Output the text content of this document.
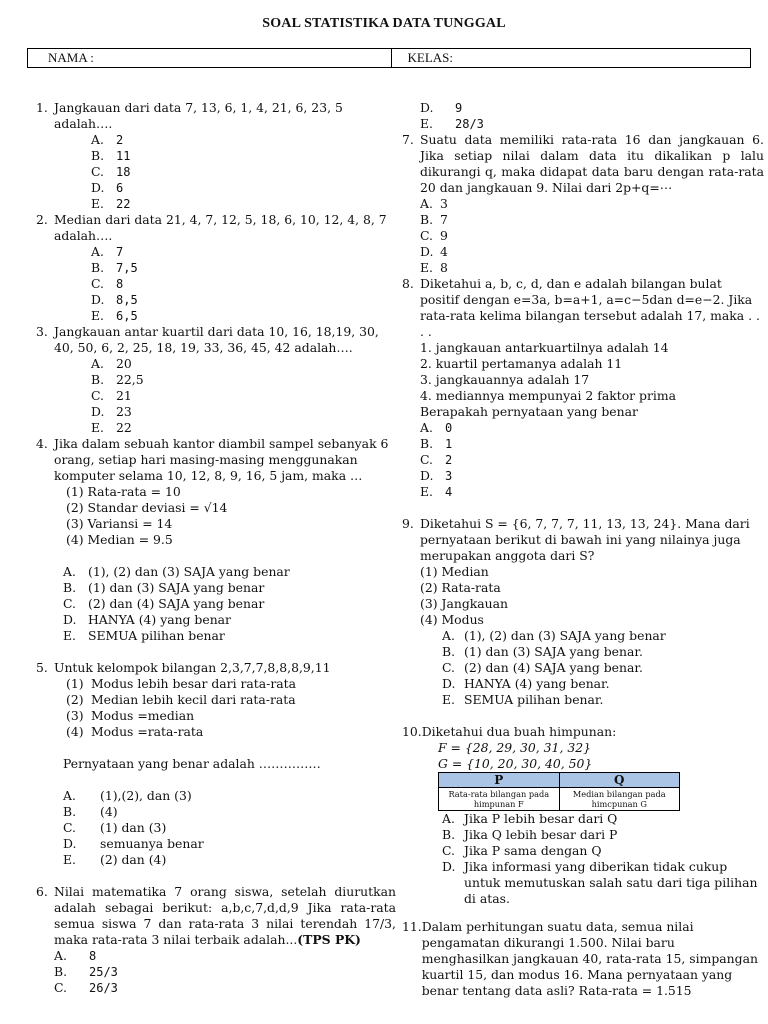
SOAL STATISTIKA DATA TUNGGAL
NAMA :	KELAS:
1. Jangkauan dari data 7, 13, 6, 1, 4, 21, 6, 23, 5 adalah….
A.	2
B. 11
C.	18
D. 6
E.	22
2. Median dari data 21, 4, 7, 12, 5, 18, 6, 10, 12, 4, 8, 7 adalah….
A.	7
B. 7,5
C.	8
D. 8,5
E.	6,5
3. Jangkauan antar kuartil dari data 10, 16, 18,19, 30, 40, 50, 6, 2, 25, 18, 19, 33, 36, 45, 42 adalah….
A. 20
B. 22,5
C. 21
D. 23
E. 22
4. Jika dalam sebuah kantor diambil sampel sebanyak 6 orang, setiap hari masing-masing menggunakan komputer selama 10, 12, 8, 9, 16, 5 jam, maka …
(1) Rata-rata = 10
(2) Standar deviasi = √14
(3) Variansi = 14
(4) Median = 9.5
A. (1), (2) dan (3) SAJA yang benar
B. (1) dan (3) SAJA yang benar
C. (2) dan (4) SAJA yang benar
D. HANYA (4) yang benar
E. SEMUA pilihan benar
5. Untuk kelompok bilangan 2,3,7,7,8,8,8,9,11
(1) Modus lebih besar dari rata-rata
(2) Median lebih kecil dari rata-rata
(3) Modus =median
(4) Modus =rata-rata
Pernyataan yang benar adalah ……………
A.	(1),(2), dan (3)
B.	(4)
C.	(1) dan (3)
D.	semuanya benar
E.	(2) dan (4)
6. Nilai matematika 7 orang siswa, setelah diurutkan adalah sebagai berikut: a,b,c,7,d,d,9 Jika rata-rata semua siswa 7 dan rata-rata 3 nilai terendah 17/3, maka rata-rata 3 nilai terbaik adalah...(TPS PK)
A.	8
B.	25/3
C.	26/3
D.	9
E.	28/3
7. Suatu data memiliki rata-rata 16 dan jangkauan 6. Jika setiap nilai dalam data itu dikalikan p lalu dikurangi q, maka didapat data baru dengan rata-rata 20 dan jangkauan 9. Nilai dari 2p+q=⋯
A. 3
B. 7
C. 9
D. 4
E. 8
8. Diketahui a, b, c, d, dan e adalah bilangan bulat positif dengan e=3a, b=a+1, a=c−5dan d=e−2. Jika rata-rata kelima bilangan tersebut adalah 17, maka . . . .
1. jangkauan antarkuartilnya adalah 14
2. kuartil pertamanya adalah 11
3. jangkauannya adalah 17
4. mediannya mempunyai 2 faktor prima
Berapakah pernyataan yang benar
A.	0
B. 1
C.	2
D. 3
E.	4
9. Diketahui S = {6, 7, 7, 7, 11, 13, 13, 24}. Mana dari pernyataan berikut di bawah ini yang nilainya juga merupakan anggota dari S?
(1) Median
(2) Rata-rata
(3) Jangkauan
(4) Modus
A. (1), (2) dan (3) SAJA yang benar
B. (1) dan (3) SAJA yang benar.
C. (2) dan (4) SAJA yang benar.
D. HANYA (4) yang benar.
E. SEMUA pilihan benar.
10. Diketahui dua buah himpunan:
F = {28, 29, 30, 31, 32}
G = {10, 20, 30, 40, 50}
P	Q
Rata-rata bilangan pada himpunan F	Median bilangan pada himcpunan G
A. Jika P lebih besar dari Q
B. Jika Q lebih besar dari P
C. Jika P sama dengan Q
D. Jika informasi yang diberikan tidak cukup untuk memutuskan salah satu dari tiga pilihan di atas.
11. Dalam perhitungan suatu data, semua nilai pengamatan dikurangi 1.500. Nilai baru menghasilkan jangkauan 40, rata-rata 15, simpangan kuartil 15, dan modus 16. Mana pernyataan yang benar tentang data asli? Rata-rata = 1.515
